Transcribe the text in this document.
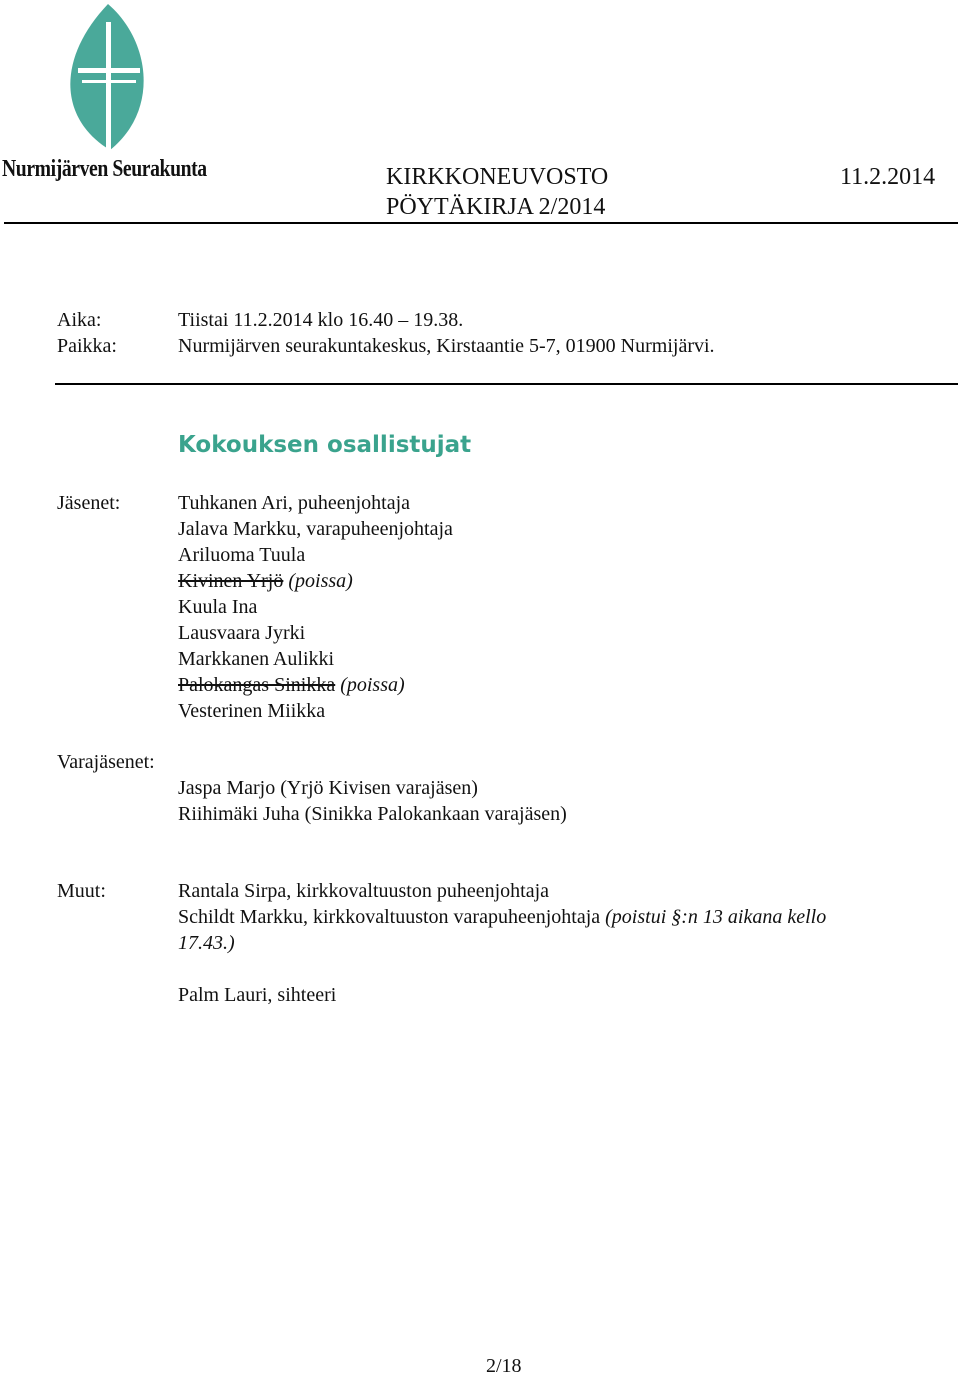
Nurmijärven Seurakunta	KIRKKONEUVOSTO
PÖYTÄKIRJA 2/2014
11.2.2014
Aika:	Tiistai 11.2.2014 klo 16.40 – 19.38.
Paikka:	Nurmijärven seurakuntakeskus, Kirstaantie 5-7, 01900 Nurmijärvi.
Kokouksen osallistujat
Jäsenet:	Tuhkanen Ari, puheenjohtaja
Jalava Markku, varapuheenjohtaja
Ariluoma Tuula
Kivinen Yrjö (poissa)
Kuula Ina
Lausvaara Jyrki
Markkanen Aulikki
Palokangas Sinikka (poissa)
Vesterinen Miikka
Varajäsenet:
Jaspa Marjo (Yrjö Kivisen varajäsen)
Riihimäki Juha (Sinikka Palokankaan varajäsen)
Muut:	Rantala Sirpa, kirkkovaltuuston puheenjohtaja
Schildt Markku, kirkkovaltuuston varapuheenjohtaja (poistui §:n 13 aikana kello
17.43.)
Palm Lauri, sihteeri
2/18
